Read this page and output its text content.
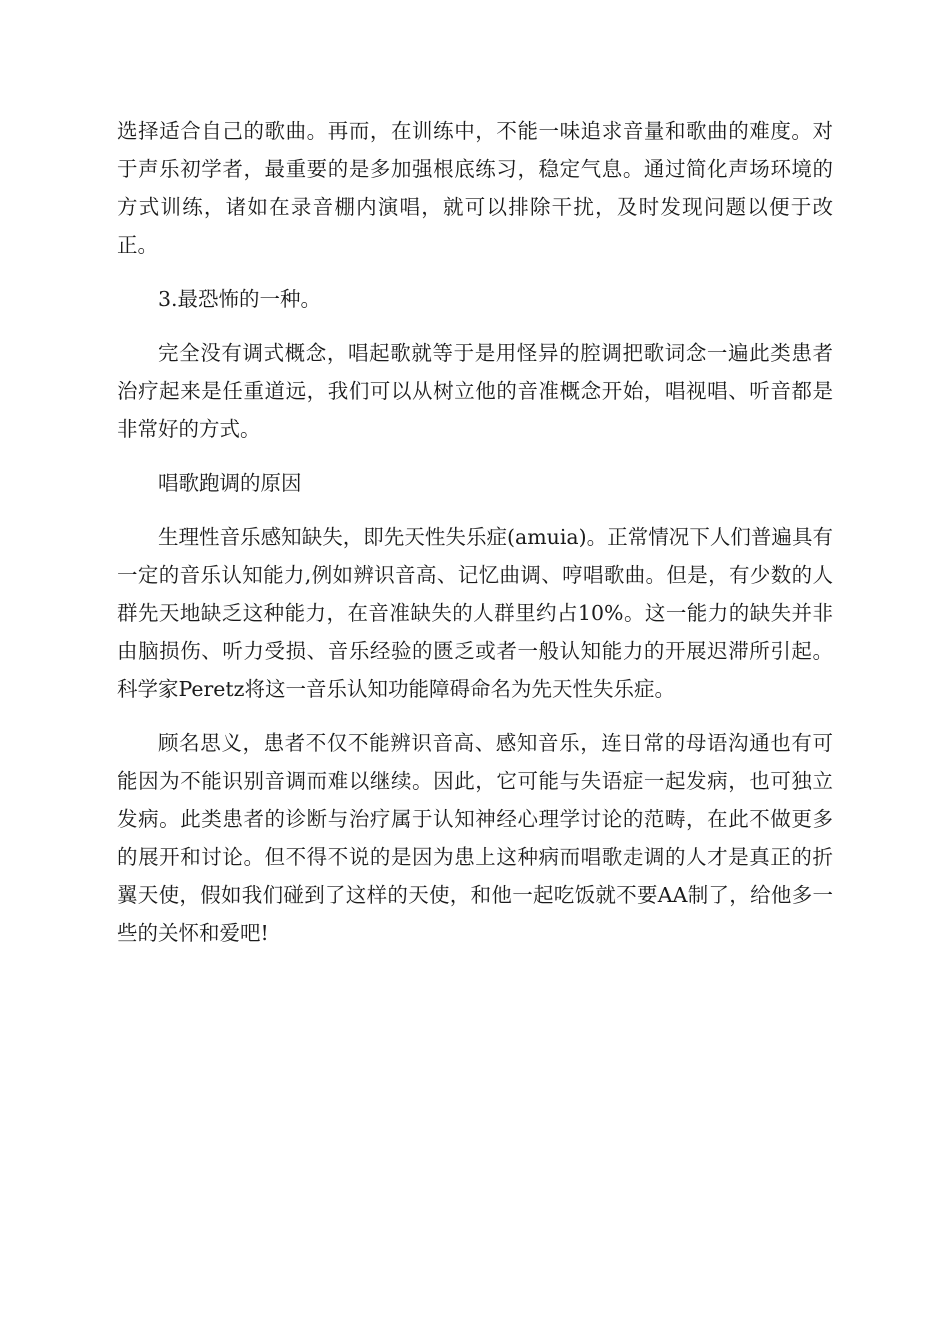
选择适合自己的歌曲。再而，在训练中，不能一味追求音量和歌曲的难度。对于声乐初学者，最重要的是多加强根底练习，稳定气息。通过简化声场环境的方式训练，诸如在录音棚内演唱，就可以排除干扰，及时发现问题以便于改正。

3.最恐怖的一种。

完全没有调式概念，唱起歌就等于是用怪异的腔调把歌词念一遍此类患者治疗起来是任重道远，我们可以从树立他的音准概念开始，唱视唱、听音都是非常好的方式。

唱歌跑调的原因

生理性音乐感知缺失，即先天性失乐症(amuia)。正常情况下人们普遍具有一定的音乐认知能力,例如辨识音高、记忆曲调、哼唱歌曲。但是，有少数的人群先天地缺乏这种能力，在音准缺失的人群里约占10%。这一能力的缺失并非由脑损伤、听力受损、音乐经验的匮乏或者一般认知能力的开展迟滞所引起。科学家Peretz将这一音乐认知功能障碍命名为先天性失乐症。

顾名思义，患者不仅不能辨识音高、感知音乐，连日常的母语沟通也有可能因为不能识别音调而难以继续。因此，它可能与失语症一起发病，也可独立发病。此类患者的诊断与治疗属于认知神经心理学讨论的范畴，在此不做更多的展开和讨论。但不得不说的是因为患上这种病而唱歌走调的人才是真正的折翼天使，假如我们碰到了这样的天使，和他一起吃饭就不要AA制了，给他多一些的关怀和爱吧!
